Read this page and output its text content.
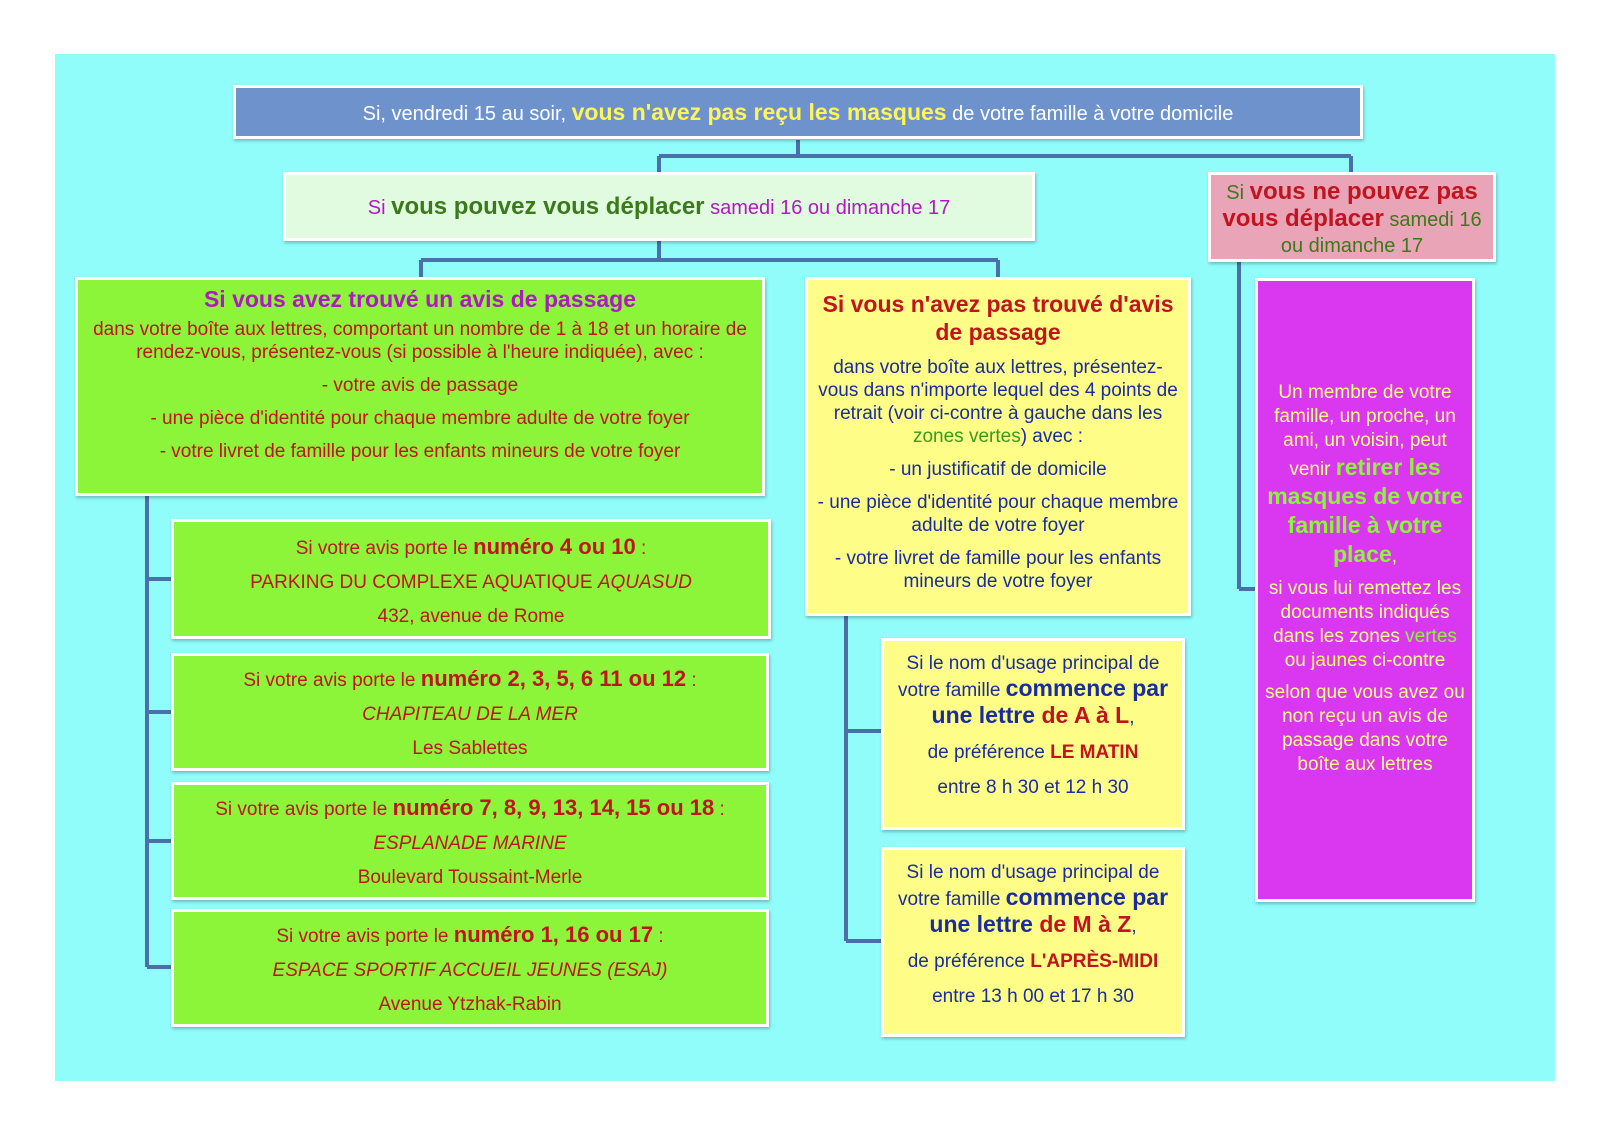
Si, vendredi 15 au soir, vous n'avez pas reçu les masques de votre famille à votre domicile

Si vous pouvez vous déplacer samedi 16 ou dimanche 17

Si vous ne pouvez pas vous déplacer samedi 16 ou dimanche 17

Si vous avez trouvé un avis de passage

dans votre boîte aux lettres, comportant un nombre de 1 à 18 et un horaire de rendez-vous, présentez-vous (si possible à l'heure indiquée), avec :

- votre avis de passage

- une pièce d'identité pour chaque membre adulte de votre foyer

- votre livret de famille pour les enfants mineurs de votre foyer

Si votre avis porte le numéro 4 ou 10 :

PARKING DU COMPLEXE AQUATIQUE AQUASUD

432, avenue de Rome

Si votre avis porte le numéro 2, 3, 5, 6 11 ou 12 :

CHAPITEAU DE LA MER

Les Sablettes

Si votre avis porte le numéro 7, 8, 9, 13, 14, 15 ou 18 :

ESPLANADE MARINE

Boulevard Toussaint-Merle

Si votre avis porte le numéro 1, 16 ou 17 :

ESPACE SPORTIF ACCUEIL JEUNES (ESAJ)

Avenue Ytzhak-Rabin

Si vous n'avez pas trouvé d'avis de passage

dans votre boîte aux lettres, présentez-vous dans n'importe lequel des 4 points de retrait (voir ci-contre à gauche dans les zones vertes) avec :

- un justificatif de domicile

- une pièce d'identité pour chaque membre adulte de votre foyer

- votre livret de famille pour les enfants mineurs de votre foyer

Si le nom d'usage principal de votre famille commence par une lettre de A à L,

de préférence LE MATIN

entre 8 h 30 et 12 h 30

Si le nom d'usage principal de votre famille commence par une lettre de M à Z,

de préférence L'APRÈS-MIDI

entre 13 h 00 et 17 h 30

Un membre de votre famille, un proche, un ami, un voisin, peut venir retirer les masques de votre famille à votre place,

si vous lui remettez les documents indiqués dans les zones vertes ou jaunes ci-contre

selon que vous avez ou non reçu un avis de passage dans votre boîte aux lettres
